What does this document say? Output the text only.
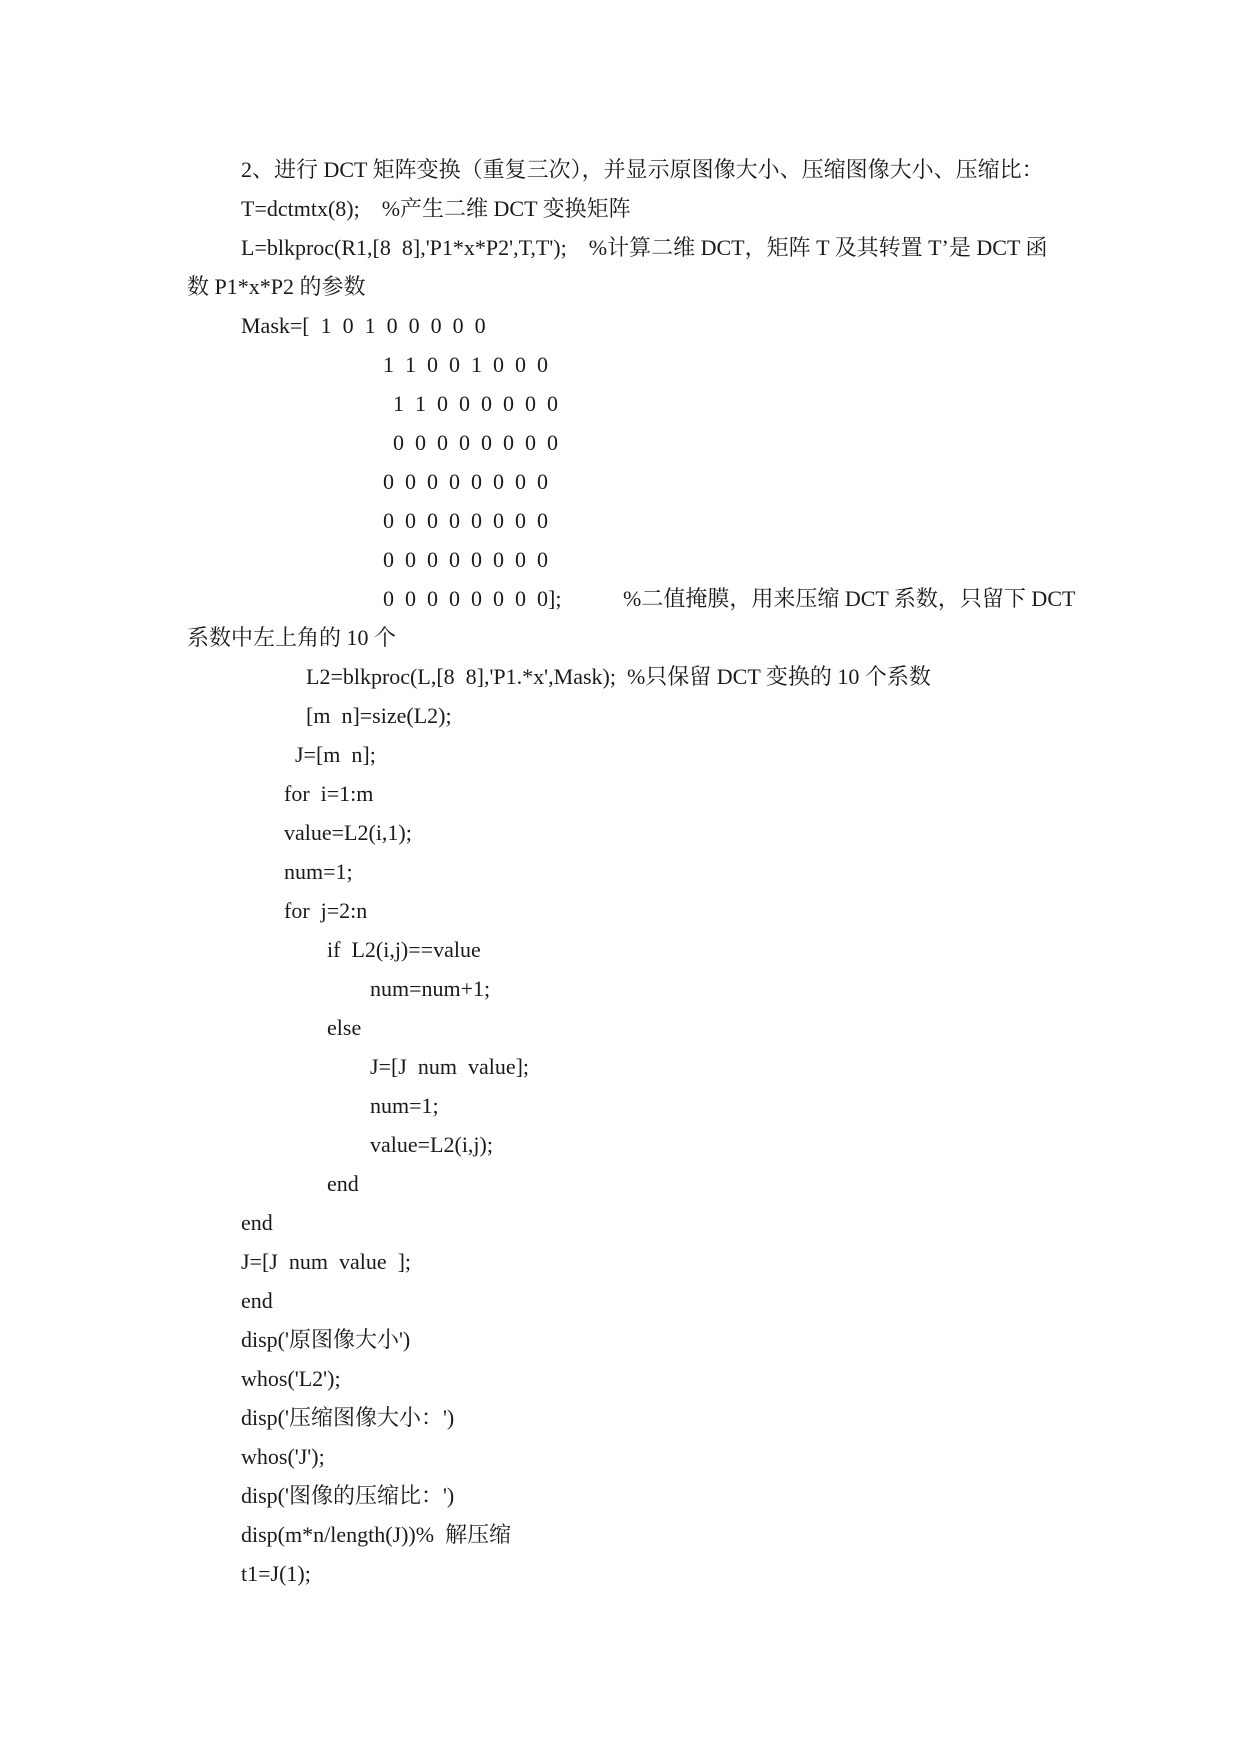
2、进行 DCT 矩阵变换（重复三次），并显示原图像大小、压缩图像大小、压缩比：
T=dctmtx(8);    %产生二维 DCT 变换矩阵
L=blkproc(R1,[8  8],'P1*x*P2',T,T');    %计算二维 DCT，矩阵 T 及其转置 T’是 DCT 函
数 P1*x*P2 的参数
Mask=[  1  0  1  0  0  0  0  0
1  1  0  0  1  0  0  0
1  1  0  0  0  0  0  0
0  0  0  0  0  0  0  0
0  0  0  0  0  0  0  0
0  0  0  0  0  0  0  0
0  0  0  0  0  0  0  0
0  0  0  0  0  0  0  0];	%二值掩膜，用来压缩 DCT 系数，只留下 DCT
系数中左上角的 10 个
L2=blkproc(L,[8  8],'P1.*x',Mask);  %只保留 DCT 变换的 10 个系数
[m  n]=size(L2);
J=[m  n];
for  i=1:m
value=L2(i,1);
num=1;
for  j=2:n
if  L2(i,j)==value
num=num+1;
else
J=[J  num  value];
num=1;
value=L2(i,j);
end
end
J=[J  num  value  ];
end
disp('原图像大小')
whos('L2');
disp('压缩图像大小：')
whos('J');
disp('图像的压缩比：')
disp(m*n/length(J))%  解压缩
t1=J(1);
